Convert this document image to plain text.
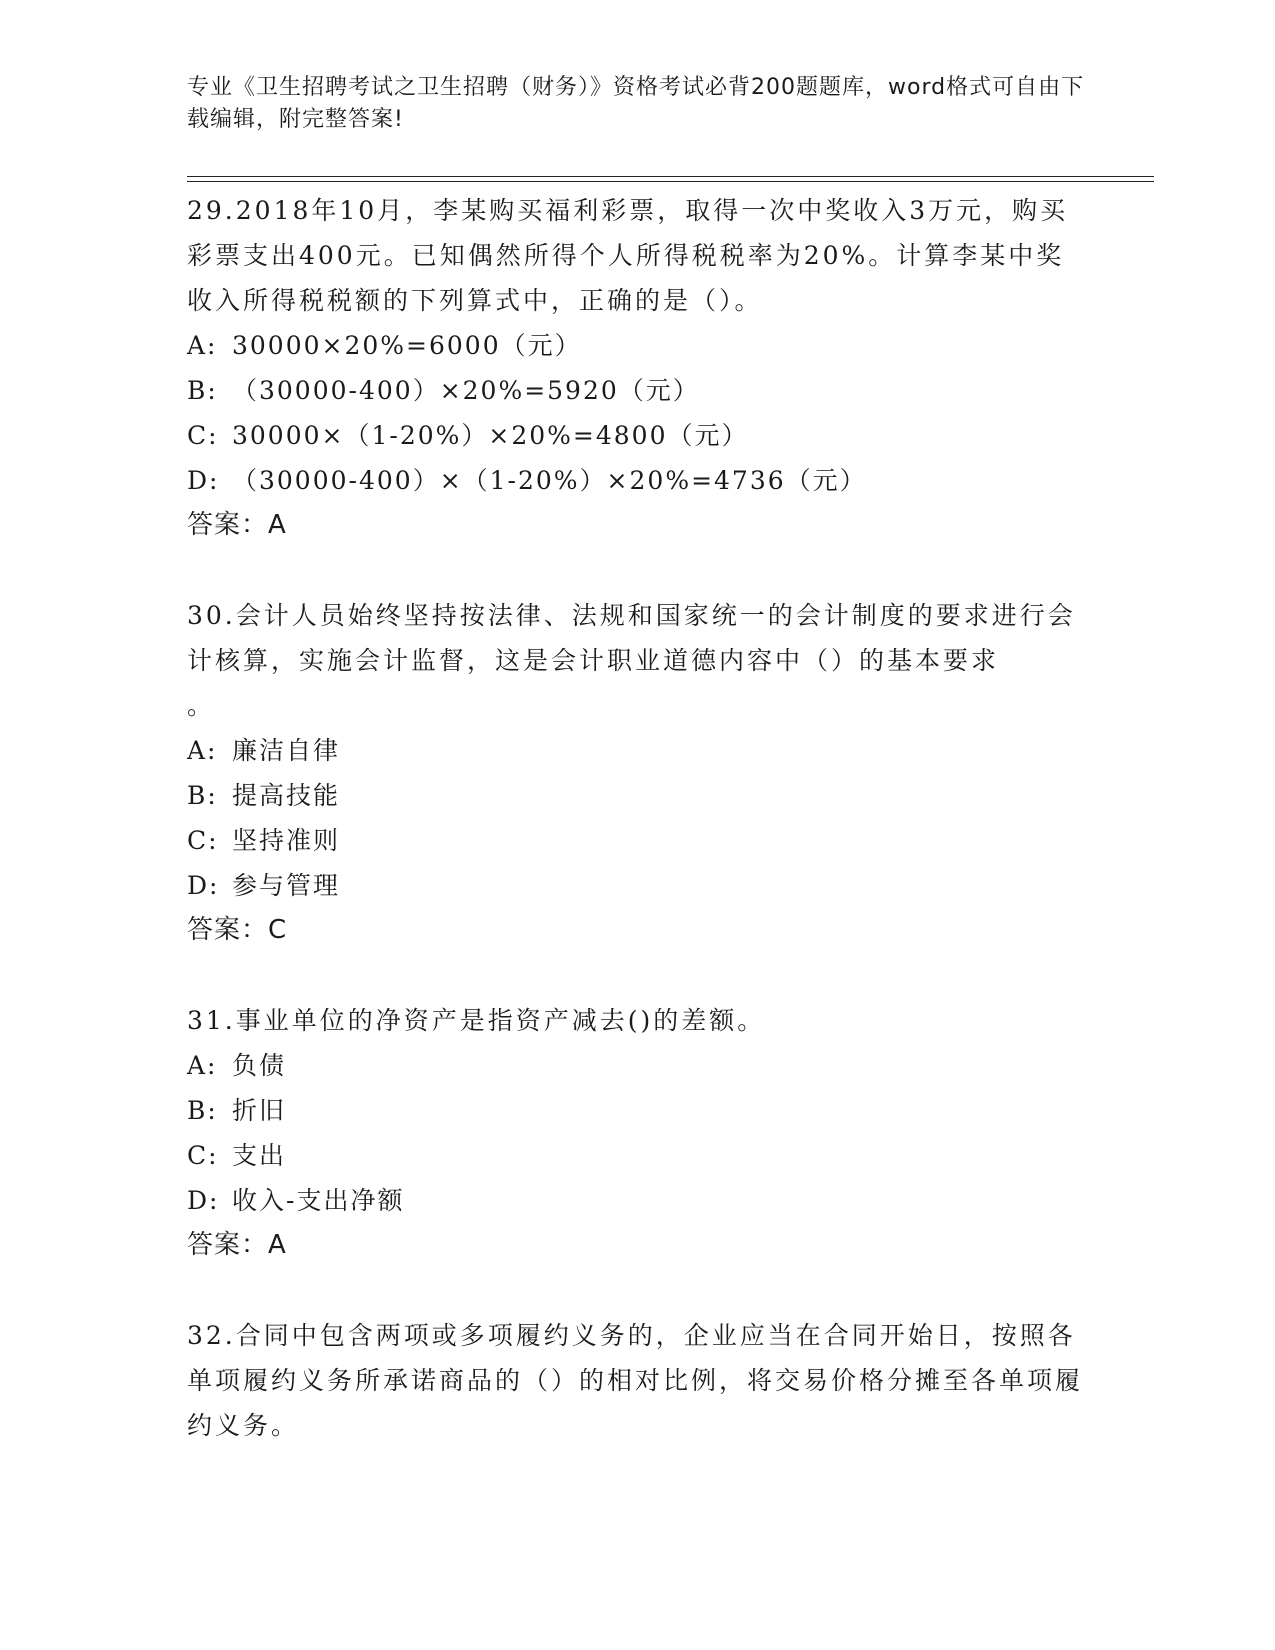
专业《卫生招聘考试之卫生招聘（财务）》资格考试必背200题题库，word格式可自由下载编辑，附完整答案!

29.2018年10月，李某购买福利彩票，取得一次中奖收入3万元，购买彩票支出400元。已知偶然所得个人所得税税率为20%。计算李某中奖收入所得税税额的下列算式中，正确的是（）。

A: 30000×20%=6000（元）
B: （30000-400）×20%=5920（元）
C: 30000×（1-20%）×20%=4800（元）
D: （30000-400）×（1-20%）×20%=4736（元）

答案：A

30.会计人员始终坚持按法律、法规和国家统一的会计制度的要求进行会计核算，实施会计监督，这是会计职业道德内容中（）的基本要求

。

A: 廉洁自律
B: 提高技能
C: 坚持准则
D: 参与管理

答案：C

31.事业单位的净资产是指资产减去()的差额。

A: 负债
B: 折旧
C: 支出
D: 收入-支出净额

答案：A

32.合同中包含两项或多项履约义务的，企业应当在合同开始日，按照各单项履约义务所承诺商品的（）的相对比例，将交易价格分摊至各单项履约义务。
